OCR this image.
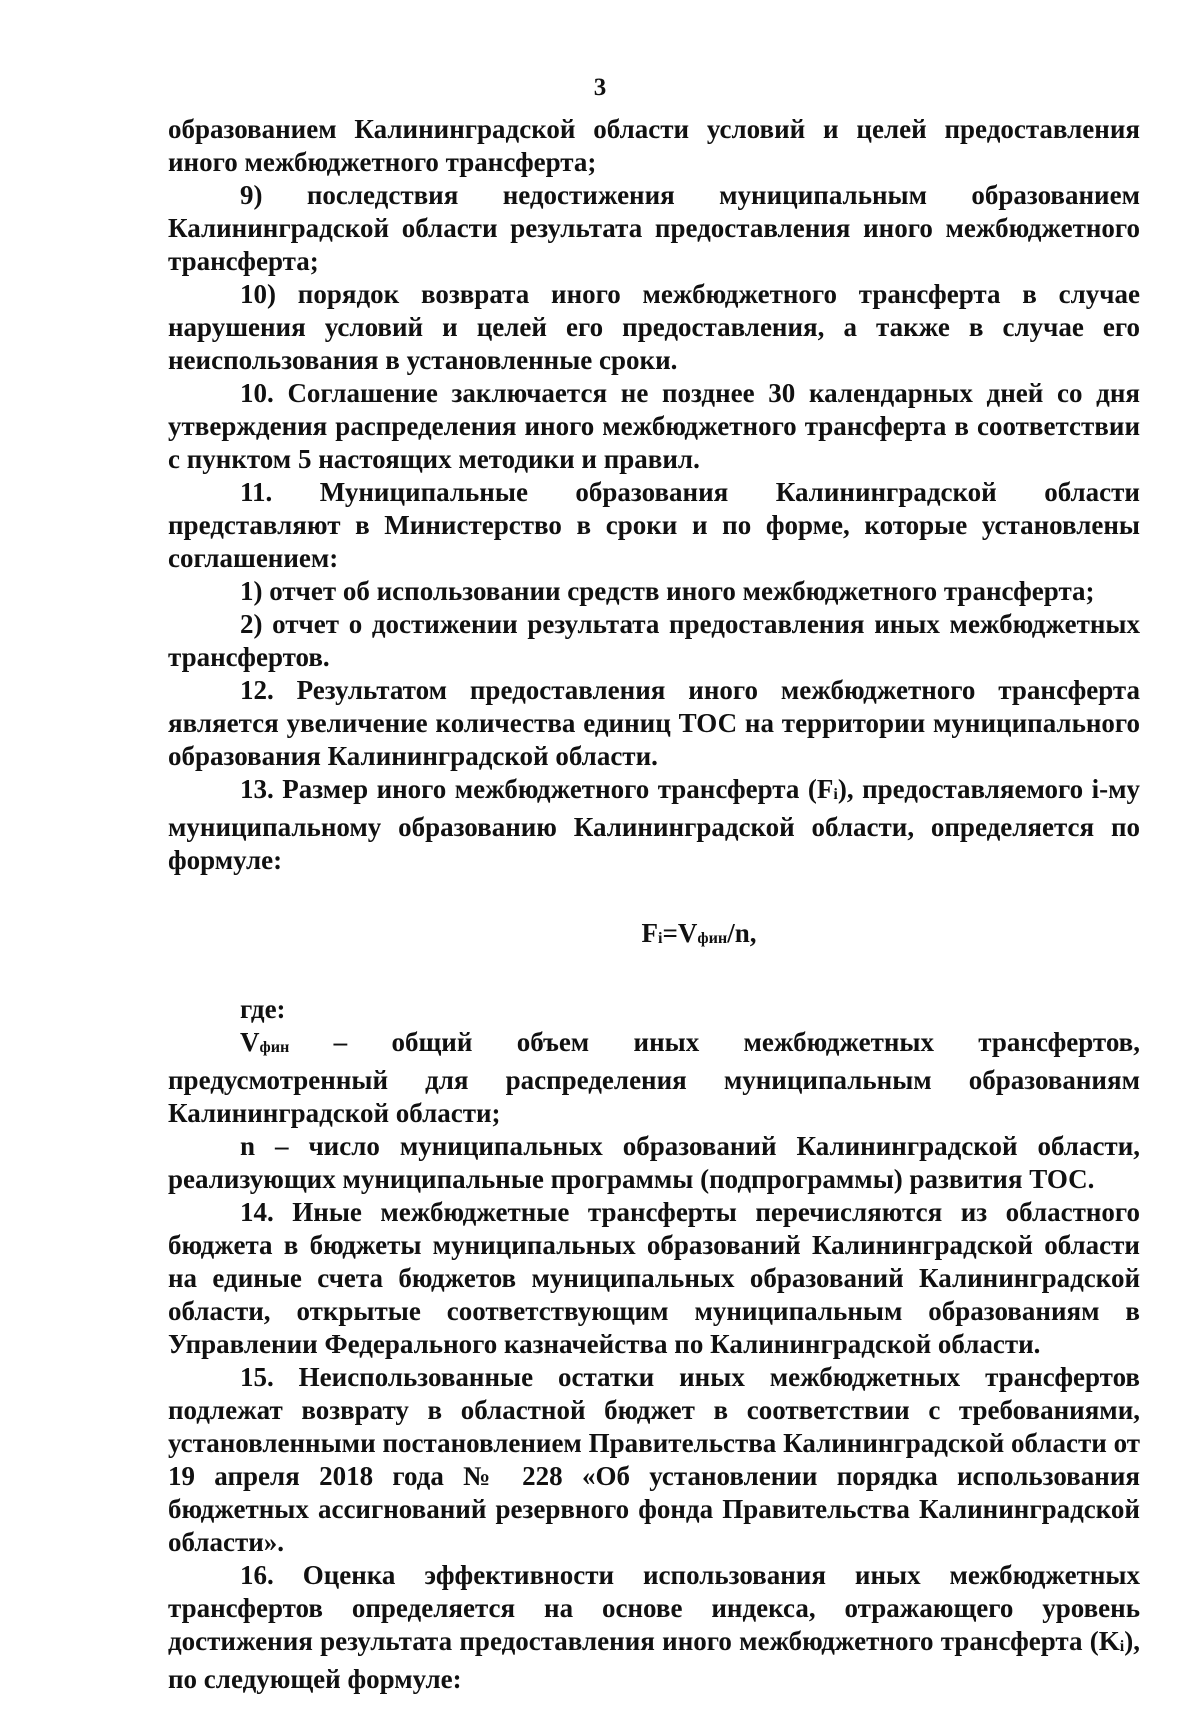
3

образованием Калининградской области условий и целей предоставления иного межбюджетного трансферта;

9) последствия недостижения муниципальным образованием Калининградской области результата предоставления иного межбюджетного трансферта;

10) порядок возврата иного межбюджетного трансферта в случае нарушения условий и целей его предоставления, а также в случае его неиспользования в установленные сроки.

10. Соглашение заключается не позднее 30 календарных дней со дня утверждения распределения иного межбюджетного трансферта в соответствии с пунктом 5 настоящих методики и правил.

11. Муниципальные образования Калининградской области представляют в Министерство в сроки и по форме, которые установлены соглашением:

1) отчет об использовании средств иного межбюджетного трансферта;

2) отчет о достижении результата предоставления иных межбюджетных трансфертов.

12. Результатом предоставления иного межбюджетного трансферта является увеличение количества единиц ТОС на территории муниципального образования Калининградской области.

13. Размер иного межбюджетного трансферта (Fi), предоставляемого i-му муниципальному образованию Калининградской области, определяется по формуле:

Fi=Vфин/n,

где:

Vфин – общий объем иных межбюджетных трансфертов, предусмотренный для распределения муниципальным образованиям Калининградской области;

n – число муниципальных образований Калининградской области, реализующих муниципальные программы (подпрограммы) развития ТОС.

14. Иные межбюджетные трансферты перечисляются из областного бюджета в бюджеты муниципальных образований Калининградской области на единые счета бюджетов муниципальных образований Калининградской области, открытые соответствующим муниципальным образованиям в Управлении Федерального казначейства по Калининградской области.

15. Неиспользованные остатки иных межбюджетных трансфертов подлежат возврату в областной бюджет в соответствии с требованиями, установленными постановлением Правительства Калининградской области от 19 апреля 2018 года № 228 «Об установлении порядка использования бюджетных ассигнований резервного фонда Правительства Калининградской области».

16. Оценка эффективности использования иных межбюджетных трансфертов определяется на основе индекса, отражающего уровень достижения результата предоставления иного межбюджетного трансферта (Ki), по следующей формуле:
